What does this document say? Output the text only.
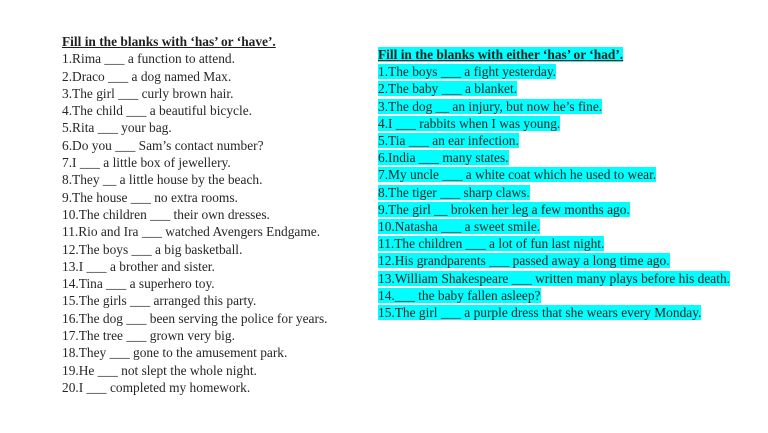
Fill in the blanks with ‘has’ or ‘have’.
1.Rima ___ a function to attend.
2.Draco ___ a dog named Max.
3.The girl ___ curly brown hair.
4.The child ___ a beautiful bicycle.
5.Rita ___ your bag.
6.Do you ___ Sam’s contact number?
7.I ___ a little box of jewellery.
8.They __ a little house by the beach.
9.The house ___ no extra rooms.
10.The children ___ their own dresses.
11.Rio and Ira ___ watched Avengers Endgame.
12.The boys ___ a big basketball.
13.I ___ a brother and sister.
14.Tina ___ a superhero toy.
15.The girls ___ arranged this party.
16.The dog ___ been serving the police for years.
17.The tree ___ grown very big.
18.They ___ gone to the amusement park.
19.He ___ not slept the whole night.
20.I ___ completed my homework.
Fill in the blanks with either ‘has’ or ‘had’.
1.The boys ___ a fight yesterday.
2.The baby ___ a blanket.
3.The dog __ an injury, but now he’s fine.
4.I ___ rabbits when I was young.
5.Tia ___ an ear infection.
6.India ___ many states.
7.My uncle ___ a white coat which he used to wear.
8.The tiger ___ sharp claws.
9.The girl __ broken her leg a few months ago.
10.Natasha ___ a sweet smile.
11.The children ___ a lot of fun last night.
12.His grandparents ___ passed away a long time ago.
13.William Shakespeare ___ written many plays before his death.
14.___ the baby fallen asleep?
15.The girl ___ a purple dress that she wears every Monday.
